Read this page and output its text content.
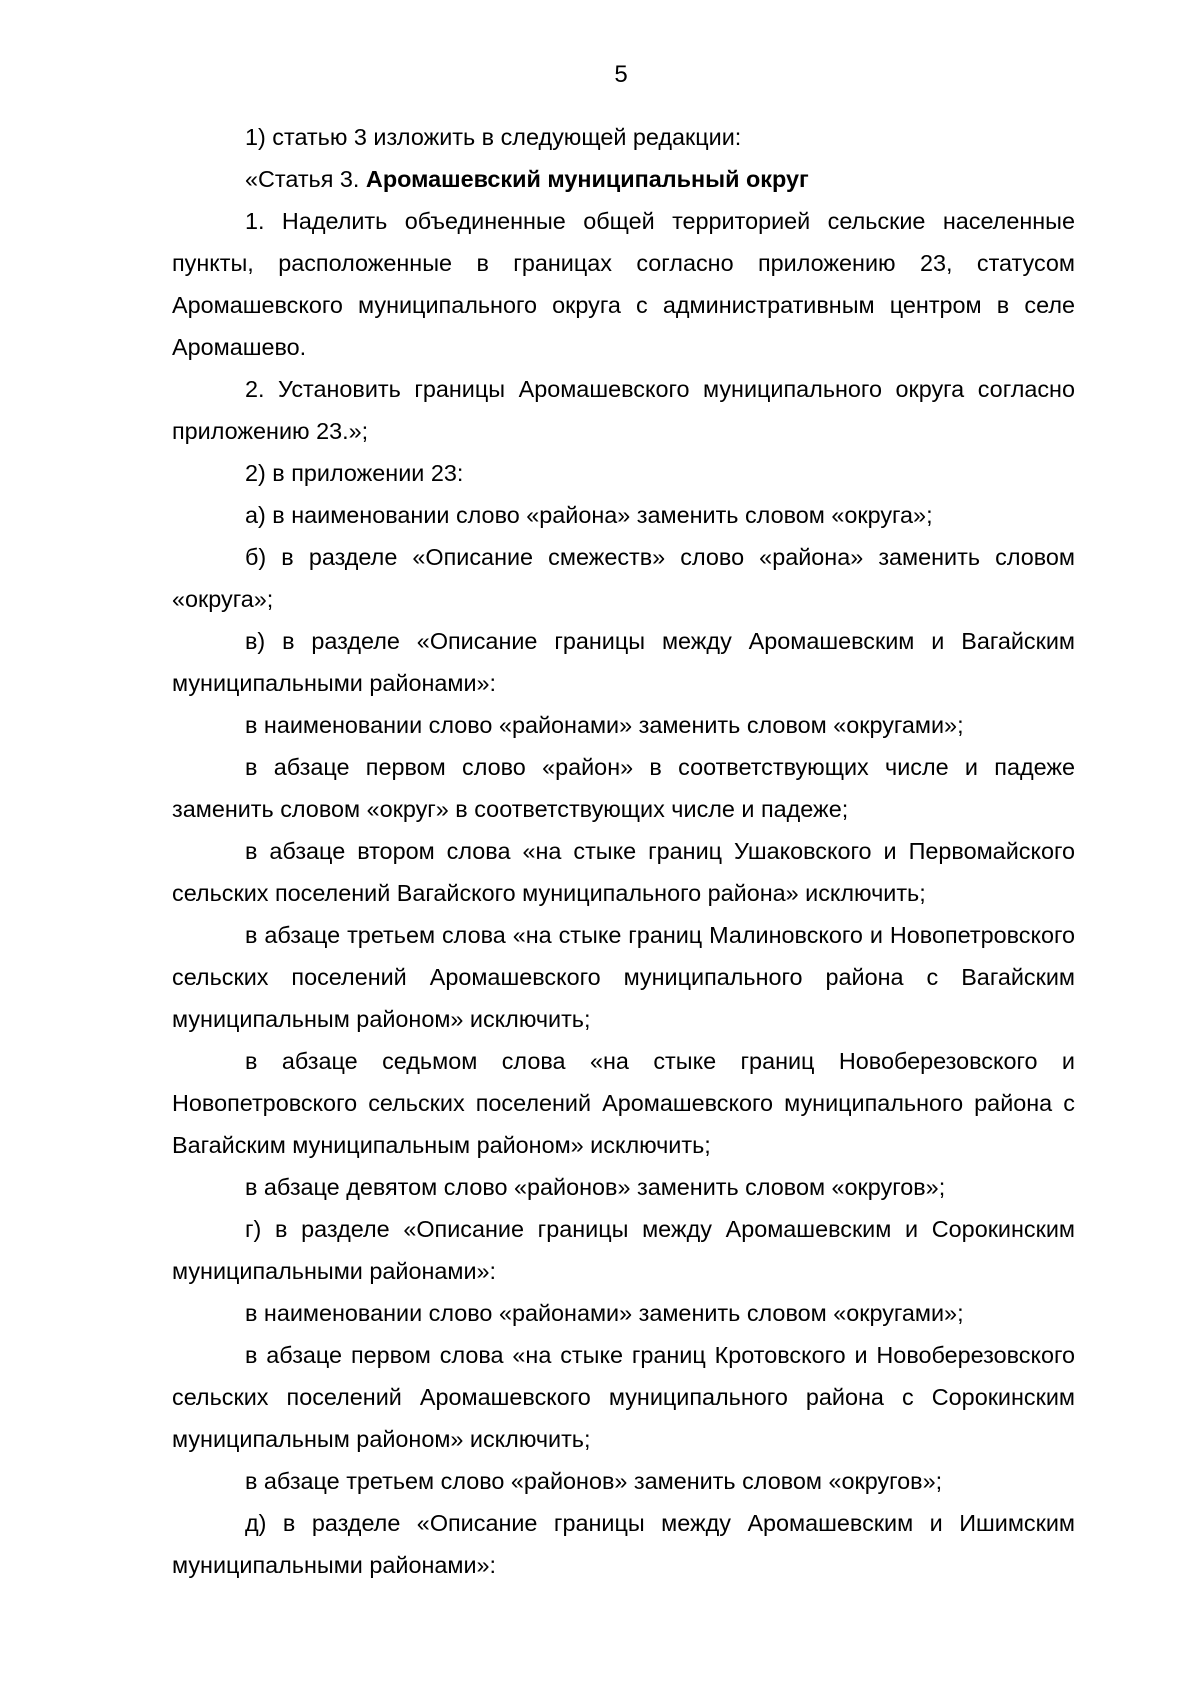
5

1) статью 3 изложить в следующей редакции:

«Статья 3. Аромашевский муниципальный округ

1. Наделить объединенные общей территорией сельские населенные пункты, расположенные в границах согласно приложению 23, статусом Аромашевского муниципального округа с административным центром в селе Аромашево.

2. Установить границы Аромашевского муниципального округа согласно приложению 23.»;

2) в приложении 23:

а) в наименовании слово «района» заменить словом «округа»;

б) в разделе «Описание смежеств» слово «района» заменить словом «округа»;

в) в разделе «Описание границы между Аромашевским и Вагайским муниципальными районами»:

в наименовании слово «районами» заменить словом «округами»;

в абзаце первом слово «район» в соответствующих числе и падеже заменить словом «округ» в соответствующих числе и падеже;

в абзаце втором слова «на стыке границ Ушаковского и Первомайского сельских поселений Вагайского муниципального района» исключить;

в абзаце третьем слова «на стыке границ Малиновского и Новопетровского сельских поселений Аромашевского муниципального района с Вагайским муниципальным районом» исключить;

в абзаце седьмом слова «на стыке границ Новоберезовского и Новопетровского сельских поселений Аромашевского муниципального района с Вагайским муниципальным районом» исключить;

в абзаце девятом слово «районов» заменить словом «округов»;

г) в разделе «Описание границы между Аромашевским и Сорокинским муниципальными районами»:

в наименовании слово «районами» заменить словом «округами»;

в абзаце первом слова «на стыке границ Кротовского и Новоберезовского сельских поселений Аромашевского муниципального района с Сорокинским муниципальным районом» исключить;

в абзаце третьем слово «районов» заменить словом «округов»;

д) в разделе «Описание границы между Аромашевским и Ишимским муниципальными районами»:
